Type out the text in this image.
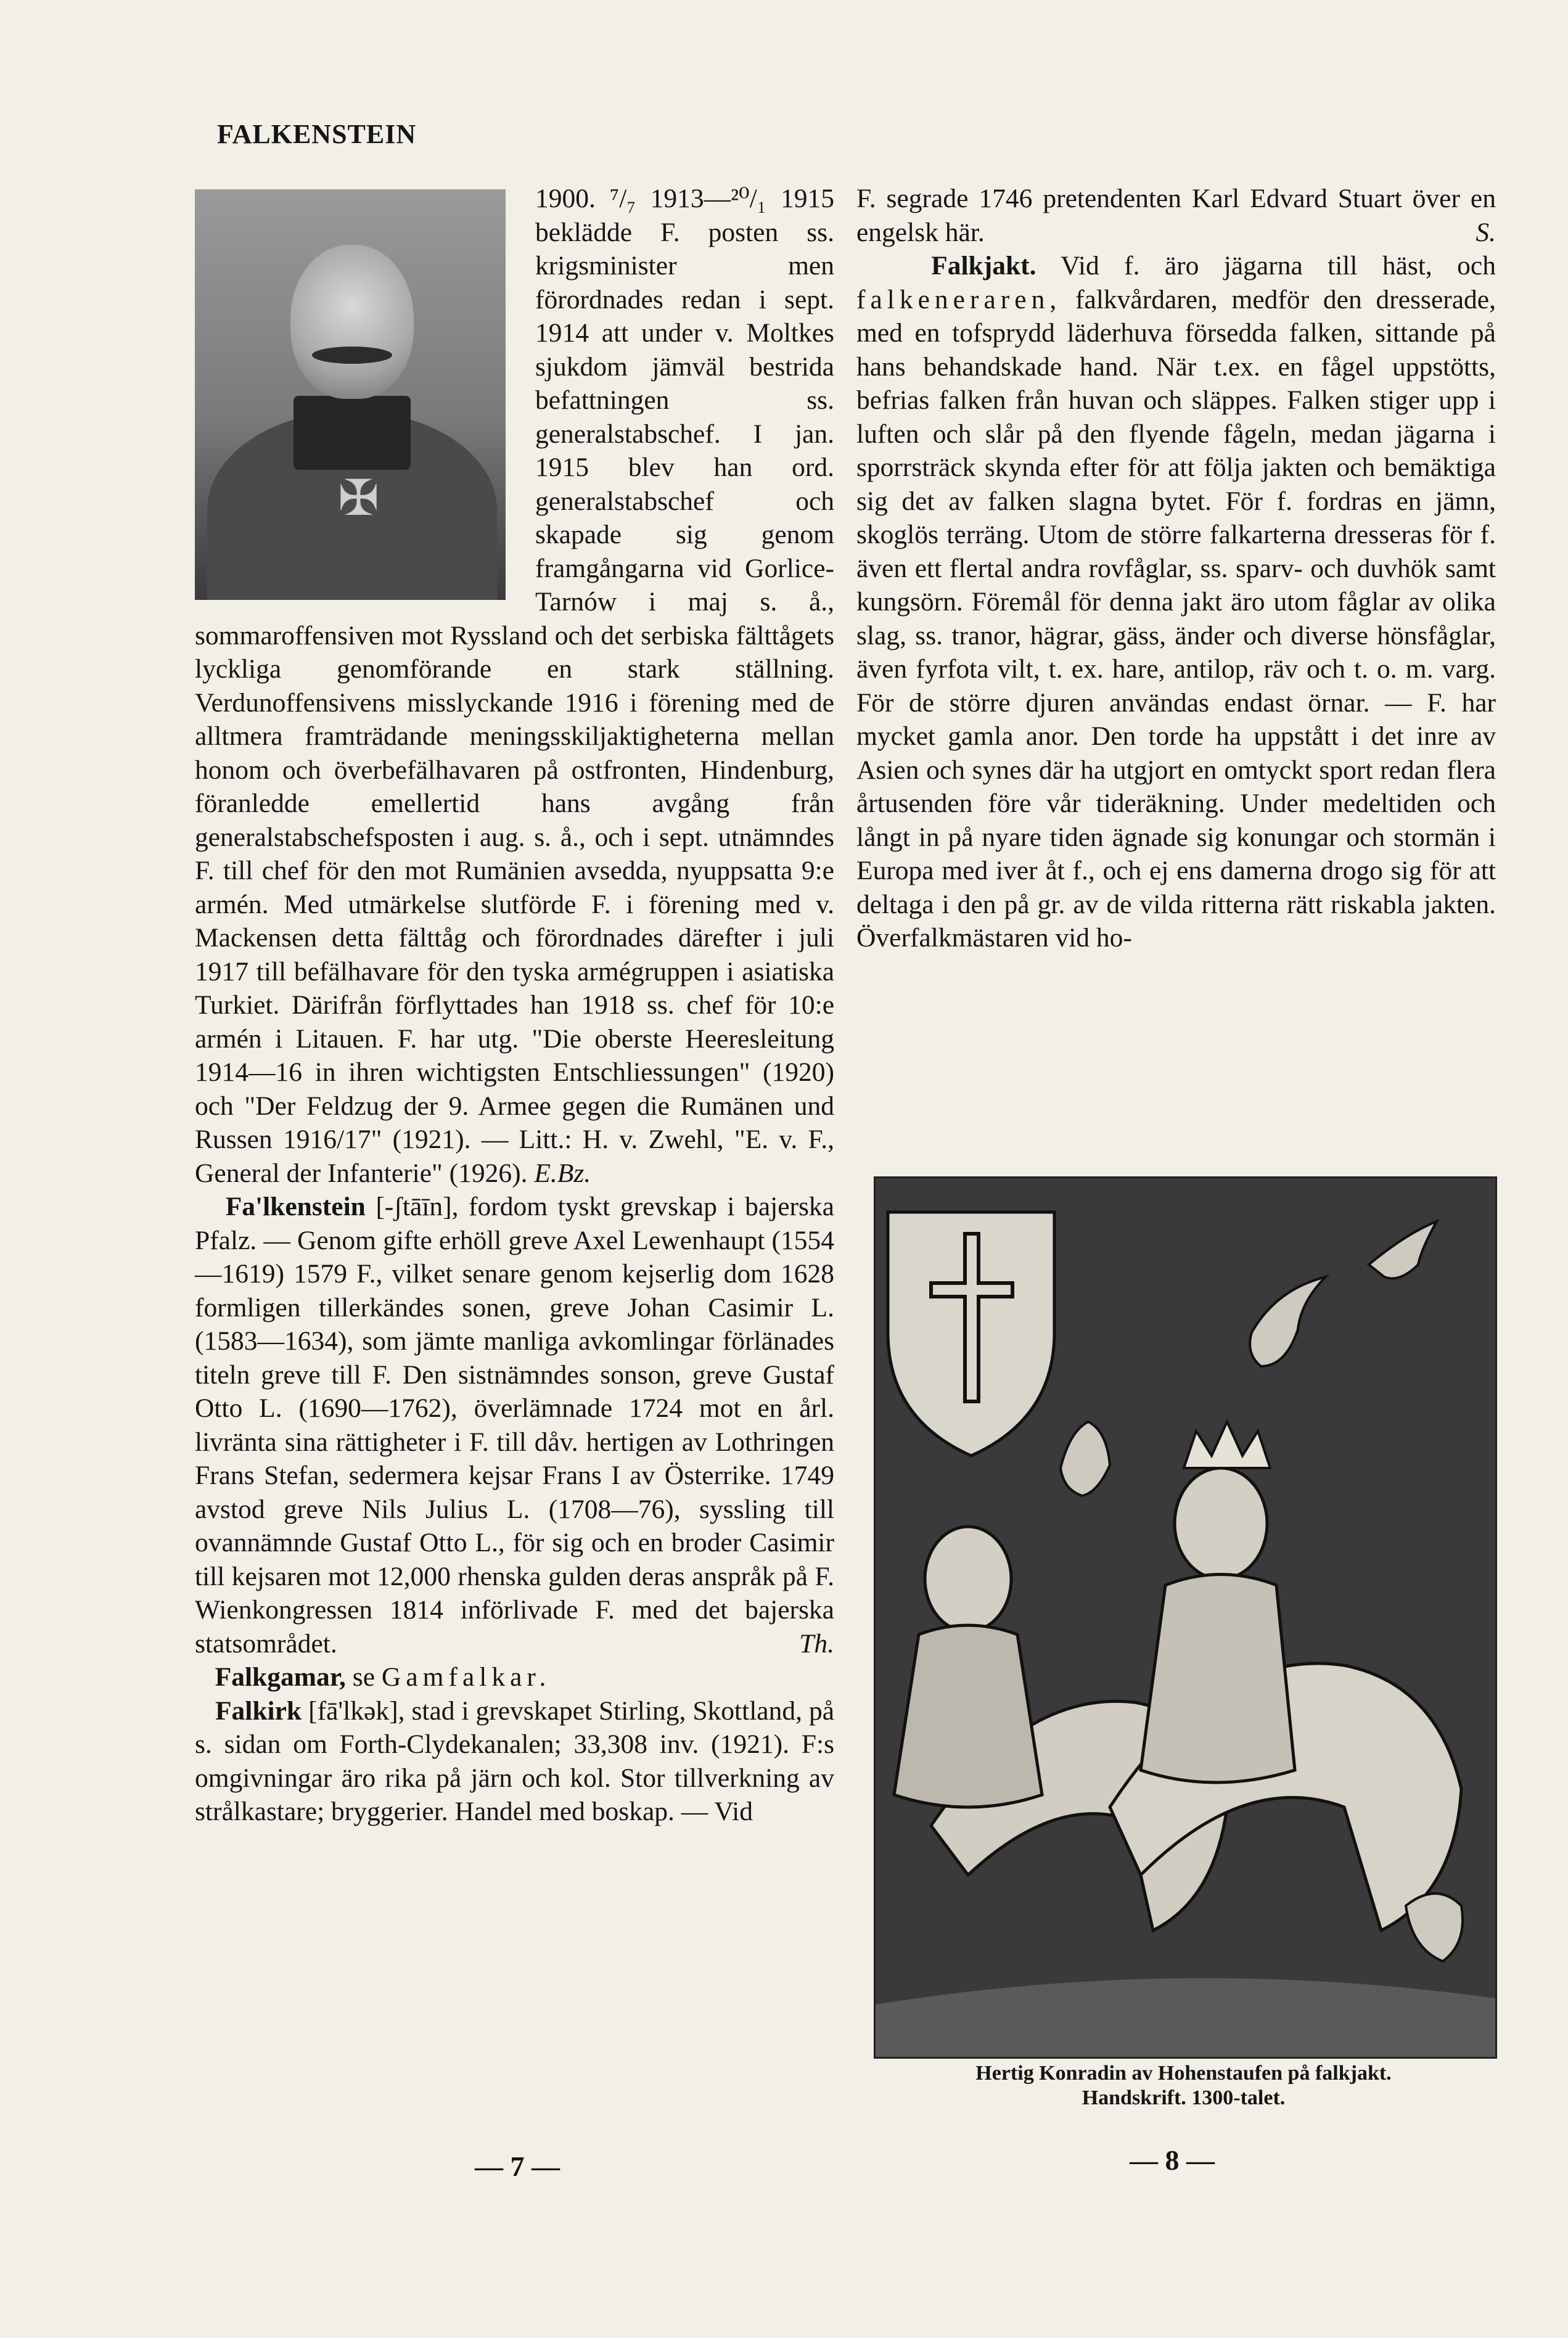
FALKENSTEIN
✠

1900. ⁷/₇ 1913—²⁰/₁ 1915 beklädde F. posten ss. krigsminister men förordnades redan i sept. 1914 att under v. Moltkes sjukdom jämväl bestrida befattningen ss. generalstabschef. I jan. 1915 blev han ord. generalstabschef och skapade sig genom framgångarna vid Gorlice-Tarnów i maj s. å., sommaroffensiven mot Ryssland och det serbiska fälttågets lyckliga genomförande en stark ställning. Verdunoffensivens misslyckande 1916 i förening med de alltmera framträdande meningsskiljaktigheterna mellan honom och överbefälhavaren på ostfronten, Hindenburg, föranledde emellertid hans avgång från generalstabschefsposten i aug. s. å., och i sept. utnämndes F. till chef för den mot Rumänien avsedda, nyuppsatta 9:e armén. Med utmärkelse slutförde F. i förening med v. Mackensen detta fälttåg och förordnades därefter i juli 1917 till befälhavare för den tyska armégruppen i asiatiska Turkiet. Därifrån förflyttades han 1918 ss. chef för 10:e armén i Litauen. F. har utg. "Die oberste Heeresleitung 1914—16 in ihren wichtigsten Entschliessungen" (1920) och "Der Feldzug der 9. Armee gegen die Rumänen und Russen 1916/17" (1921). — Litt.: H. v. Zwehl, "E. v. F., General der Infanterie" (1926). E.Bz.

Fa'lkenstein [-ʃtāīn], fordom tyskt grevskap i bajerska Pfalz. — Genom gifte erhöll greve Axel Lewenhaupt (1554—1619) 1579 F., vilket senare genom kejserlig dom 1628 formligen tillerkändes sonen, greve Johan Casimir L. (1583—1634), som jämte manliga avkomlingar förlänades titeln greve till F. Den sistnämndes sonson, greve Gustaf Otto L. (1690—1762), överlämnade 1724 mot en årl. livränta sina rättigheter i F. till dåv. hertigen av Lothringen Frans Stefan, sedermera kejsar Frans I av Österrike. 1749 avstod greve Nils Julius L. (1708—76), syssling till ovannämnde Gustaf Otto L., för sig och en broder Casimir till kejsaren mot 12,000 rhenska gulden deras anspråk på F. Wienkongressen 1814 införlivade F. med det bajerska statsområdet.	Th.

Falkgamar, se Gamfalkar.

Falkirk [fā'lkək], stad i grevskapet Stirling, Skottland, på s. sidan om Forth-Clydekanalen; 33,308 inv. (1921). F:s omgivningar äro rika på järn och kol. Stor tillverkning av strålkastare; bryggerier. Handel med boskap. — Vid

F. segrade 1746 pretendenten Karl Edvard Stuart över en engelsk här.	S.

Falkjakt. Vid f. äro jägarna till häst, och falkeneraren, falkvårdaren, medför den dresserade, med en tofsprydd läderhuva försedda falken, sittande på hans behandskade hand. När t.ex. en fågel uppstötts, befrias falken från huvan och släppes. Falken stiger upp i luften och slår på den flyende fågeln, medan jägarna i sporrsträck skynda efter för att följa jakten och bemäktiga sig det av falken slagna bytet. För f. fordras en jämn, skoglös terräng. Utom de större falkarterna dresseras för f. även ett flertal andra rovfåglar, ss. sparv- och duvhök samt kungsörn. Föremål för denna jakt äro utom fåglar av olika slag, ss. tranor, hägrar, gäss, änder och diverse hönsfåglar, även fyrfota vilt, t. ex. hare, antilop, räv och t. o. m. varg. För de större djuren användas endast örnar. — F. har mycket gamla anor. Den torde ha uppstått i det inre av Asien och synes där ha utgjort en omtyckt sport redan flera årtusenden före vår tideräkning. Under medeltiden och långt in på nyare tiden ägnade sig konungar och stormän i Europa med iver åt f., och ej ens damerna drogo sig för att deltaga i den på gr. av de vilda ritterna rätt riskabla jakten. Överfalkmästaren vid ho-

Hertig Konradin av Hohenstaufen på falkjakt.
Handskrift. 1300-talet.
— 7 —	— 8 —
